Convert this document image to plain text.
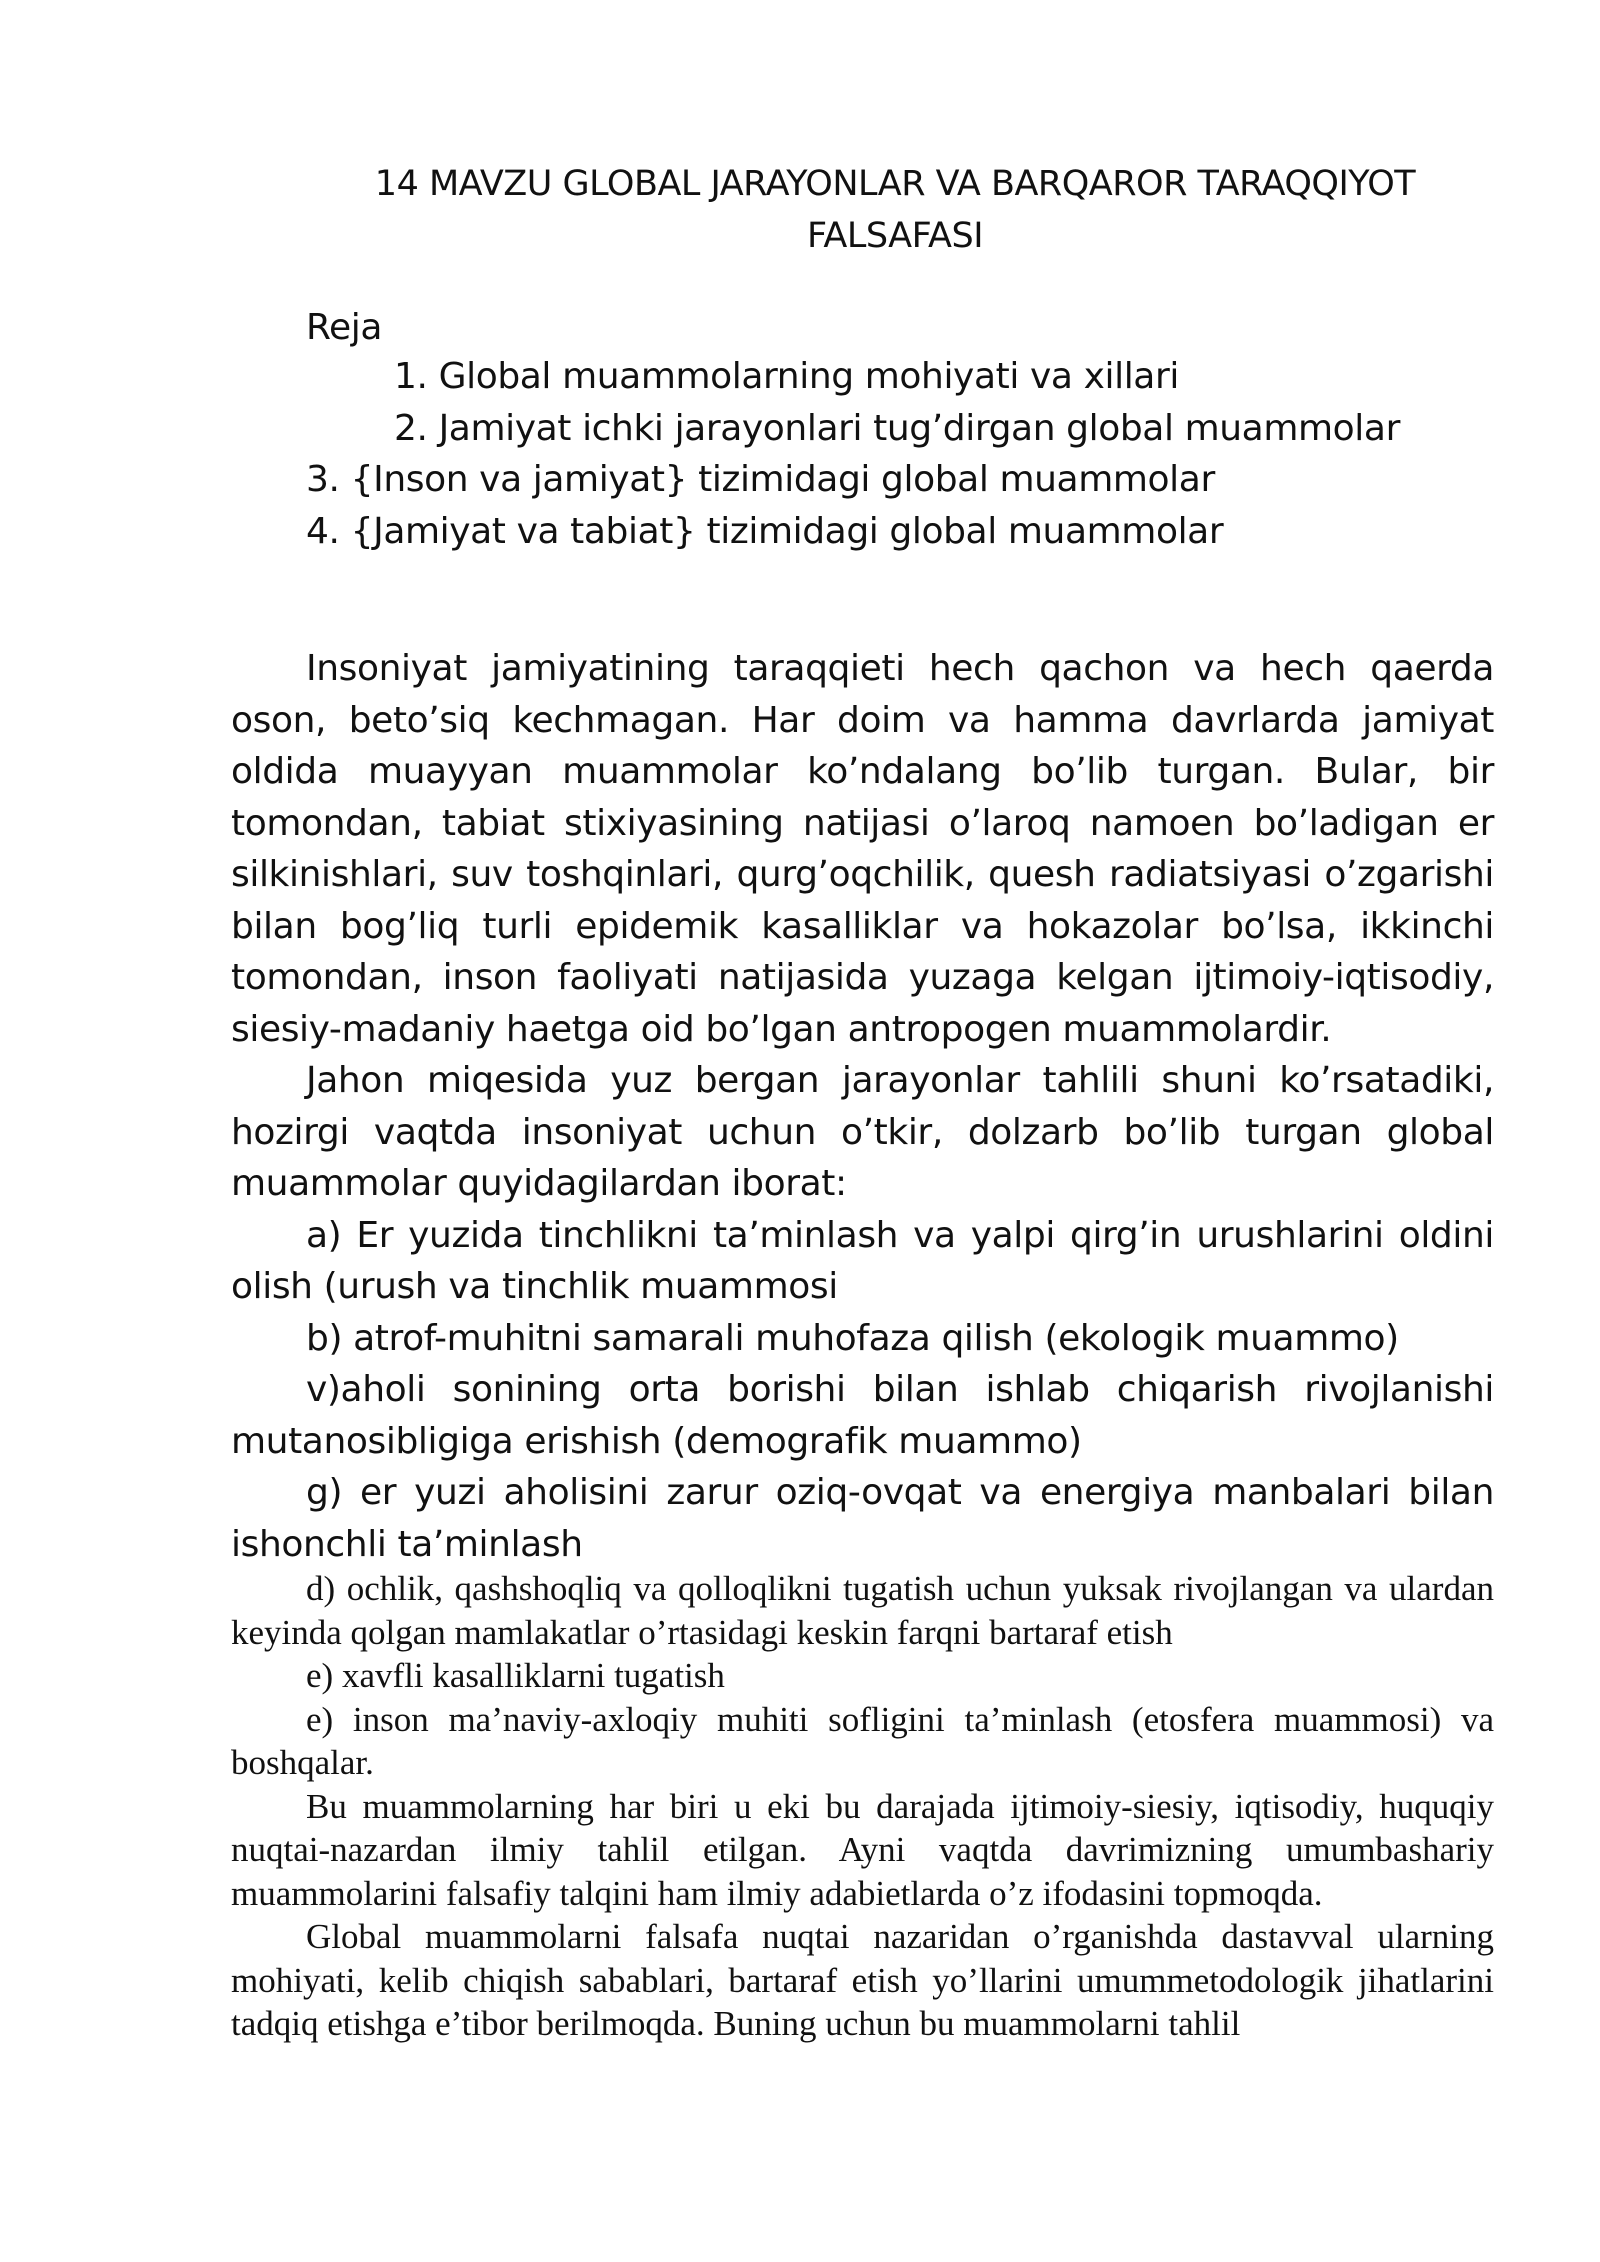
14 MAVZU GLOBAL JARAYONLAR VA BARQAROR TARAQQIYOT
FALSAFASI

Reja

1. Global muammolarning mohiyati va xillari
2. Jamiyat ichki jarayonlari tug’dirgan global muammolar
3. {Inson va jamiyat} tizimidagi global muammolar
4. {Jamiyat va tabiat} tizimidagi global muammolar

Insoniyat jamiyatining taraqqieti hech qachon va hech qaerda oson, beto’siq kechmagan. Har doim va hamma davrlarda jamiyat oldida muayyan muammolar ko’ndalang bo’lib turgan. Bular, bir tomondan, tabiat stixiyasining natijasi o’laroq namoen bo’ladigan er silkinishlari, suv toshqinlari, qurg’oqchilik, quesh radiatsiyasi o’zgarishi bilan bog’liq turli epidemik kasalliklar va hokazolar bo’lsa, ikkinchi tomondan, inson faoliyati natijasida yuzaga kelgan ijtimoiy-iqtisodiy, siesiy-madaniy haetga oid bo’lgan antropogen muammolardir.

Jahon miqesida yuz bergan jarayonlar tahlili shuni ko’rsatadiki, hozirgi vaqtda insoniyat uchun o’tkir, dolzarb bo’lib turgan global muammolar quyidagilardan iborat:

a) Er yuzida tinchlikni ta’minlash va yalpi qirg’in urushlarini oldini olish (urush va tinchlik muammosi

b) atrof-muhitni samarali muhofaza qilish (ekologik muammo)

v)aholi sonining orta borishi bilan ishlab chiqarish rivojlanishi mutanosibligiga erishish (demografik muammo)

g) er yuzi aholisini zarur oziq-ovqat va energiya manbalari bilan ishonchli ta’minlash

d) ochlik, qashshoqliq va qolloqlikni tugatish uchun yuksak rivojlangan va ulardan keyinda qolgan mamlakatlar o’rtasidagi keskin farqni bartaraf etish

e) xavfli kasalliklarni tugatish

e) inson ma’naviy-axloqiy muhiti sofligini ta’minlash (etosfera muammosi) va boshqalar.

Bu muammolarning har biri u eki bu darajada ijtimoiy-siesiy, iqtisodiy, huquqiy nuqtai-nazardan ilmiy tahlil etilgan. Ayni vaqtda davrimizning umumbashariy muammolarini falsafiy talqini ham ilmiy adabietlarda o’z ifodasini topmoqda.

Global muammolarni falsafa nuqtai nazaridan o’rganishda dastavval ularning mohiyati, kelib chiqish sabablari, bartaraf etish yo’llarini umummetodologik jihatlarini tadqiq etishga e’tibor berilmoqda. Buning uchun bu muammolarni tahlil
